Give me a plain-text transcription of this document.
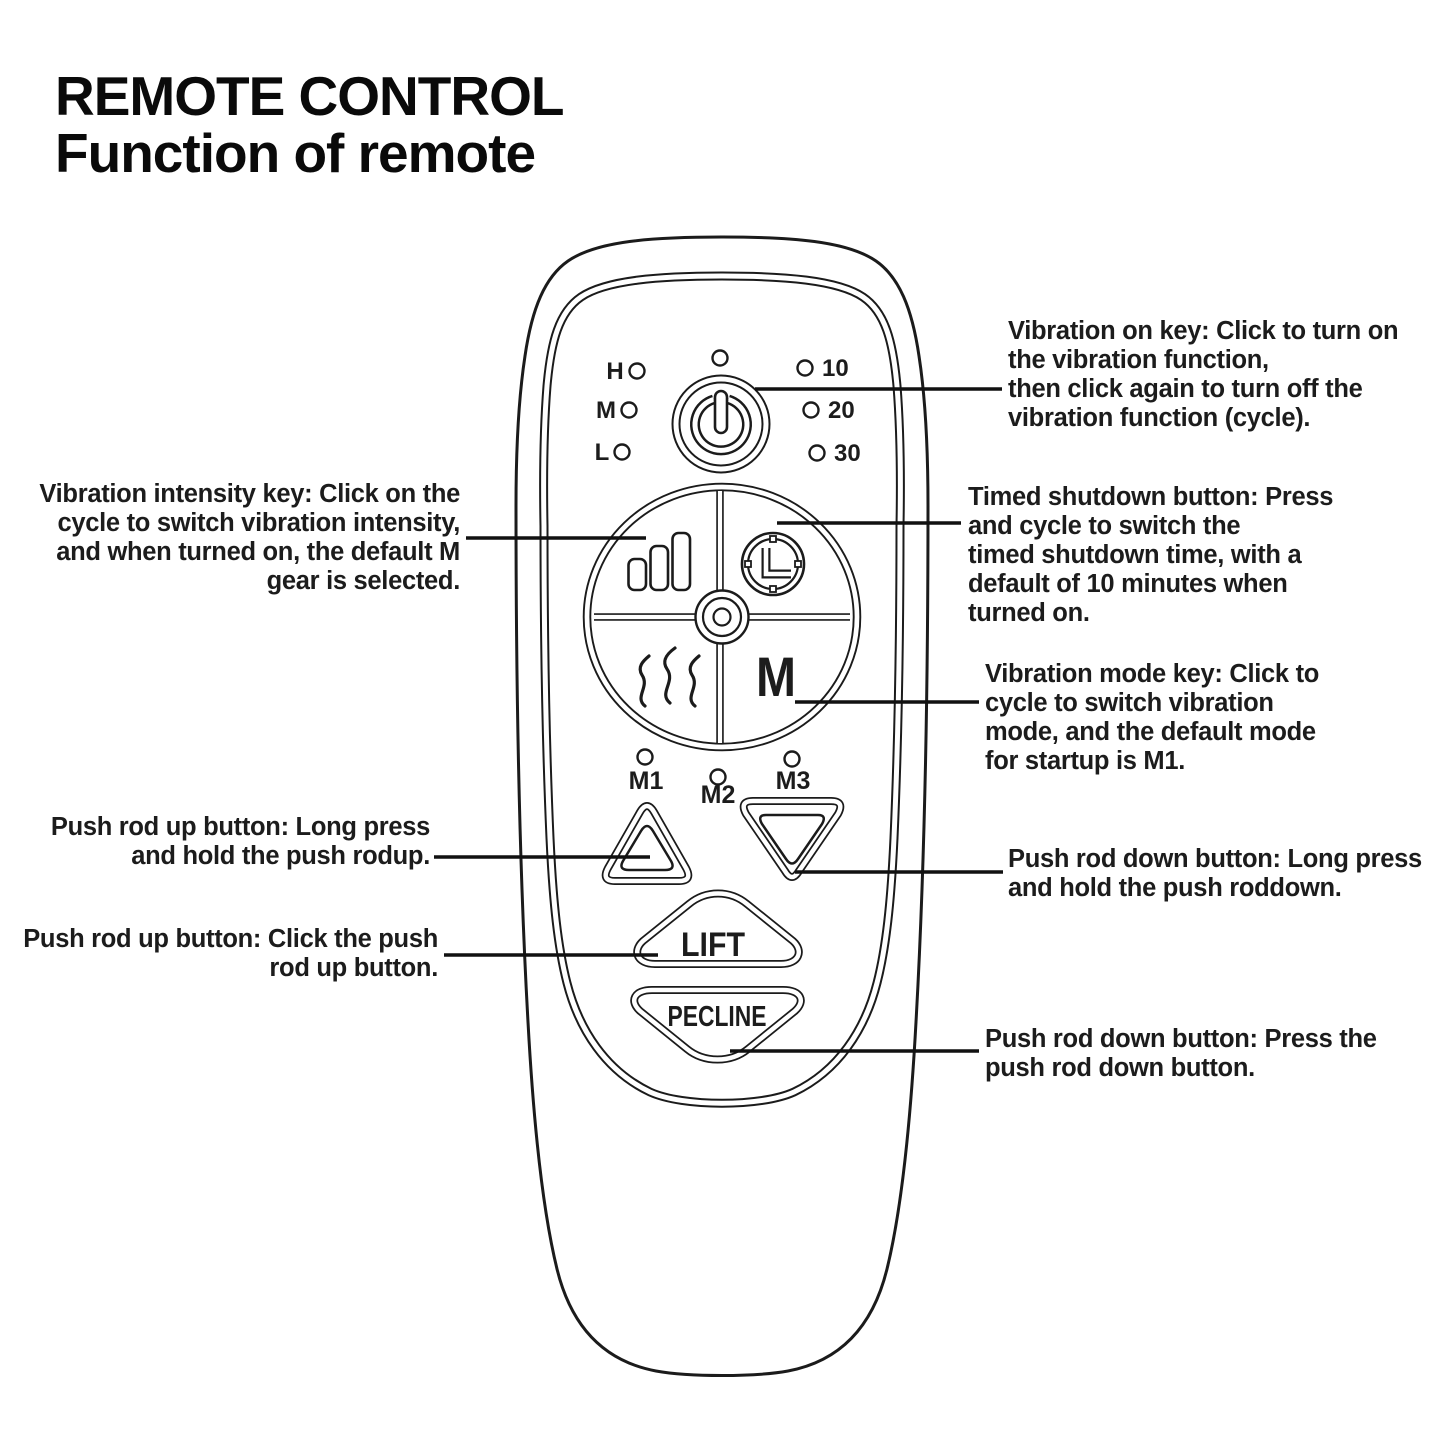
REMOTE CONTROL
Function of remote
H
M
L
10
20
30
M
M1 M2 M3
LIFT
PECLINE
Vibration on key: Click to turn on
the vibration function,
then click again to turn off the
vibration function (cycle).
Vibration intensity key: Click on the
cycle to switch vibration intensity,
and when turned on, the default M
gear is selected.
Timed shutdown button: Press
and cycle to switch the
timed shutdown time, with a
default of 10 minutes when
turned on.
Vibration mode key: Click to
cycle to switch vibration
mode, and the default mode
for startup is M1.
Push rod up button: Long press
and hold the push rodup.
Push rod up button: Click the push
rod up button.
Push rod down button: Long press
and hold the push roddown.
Push rod down button: Press the
push rod down button.
